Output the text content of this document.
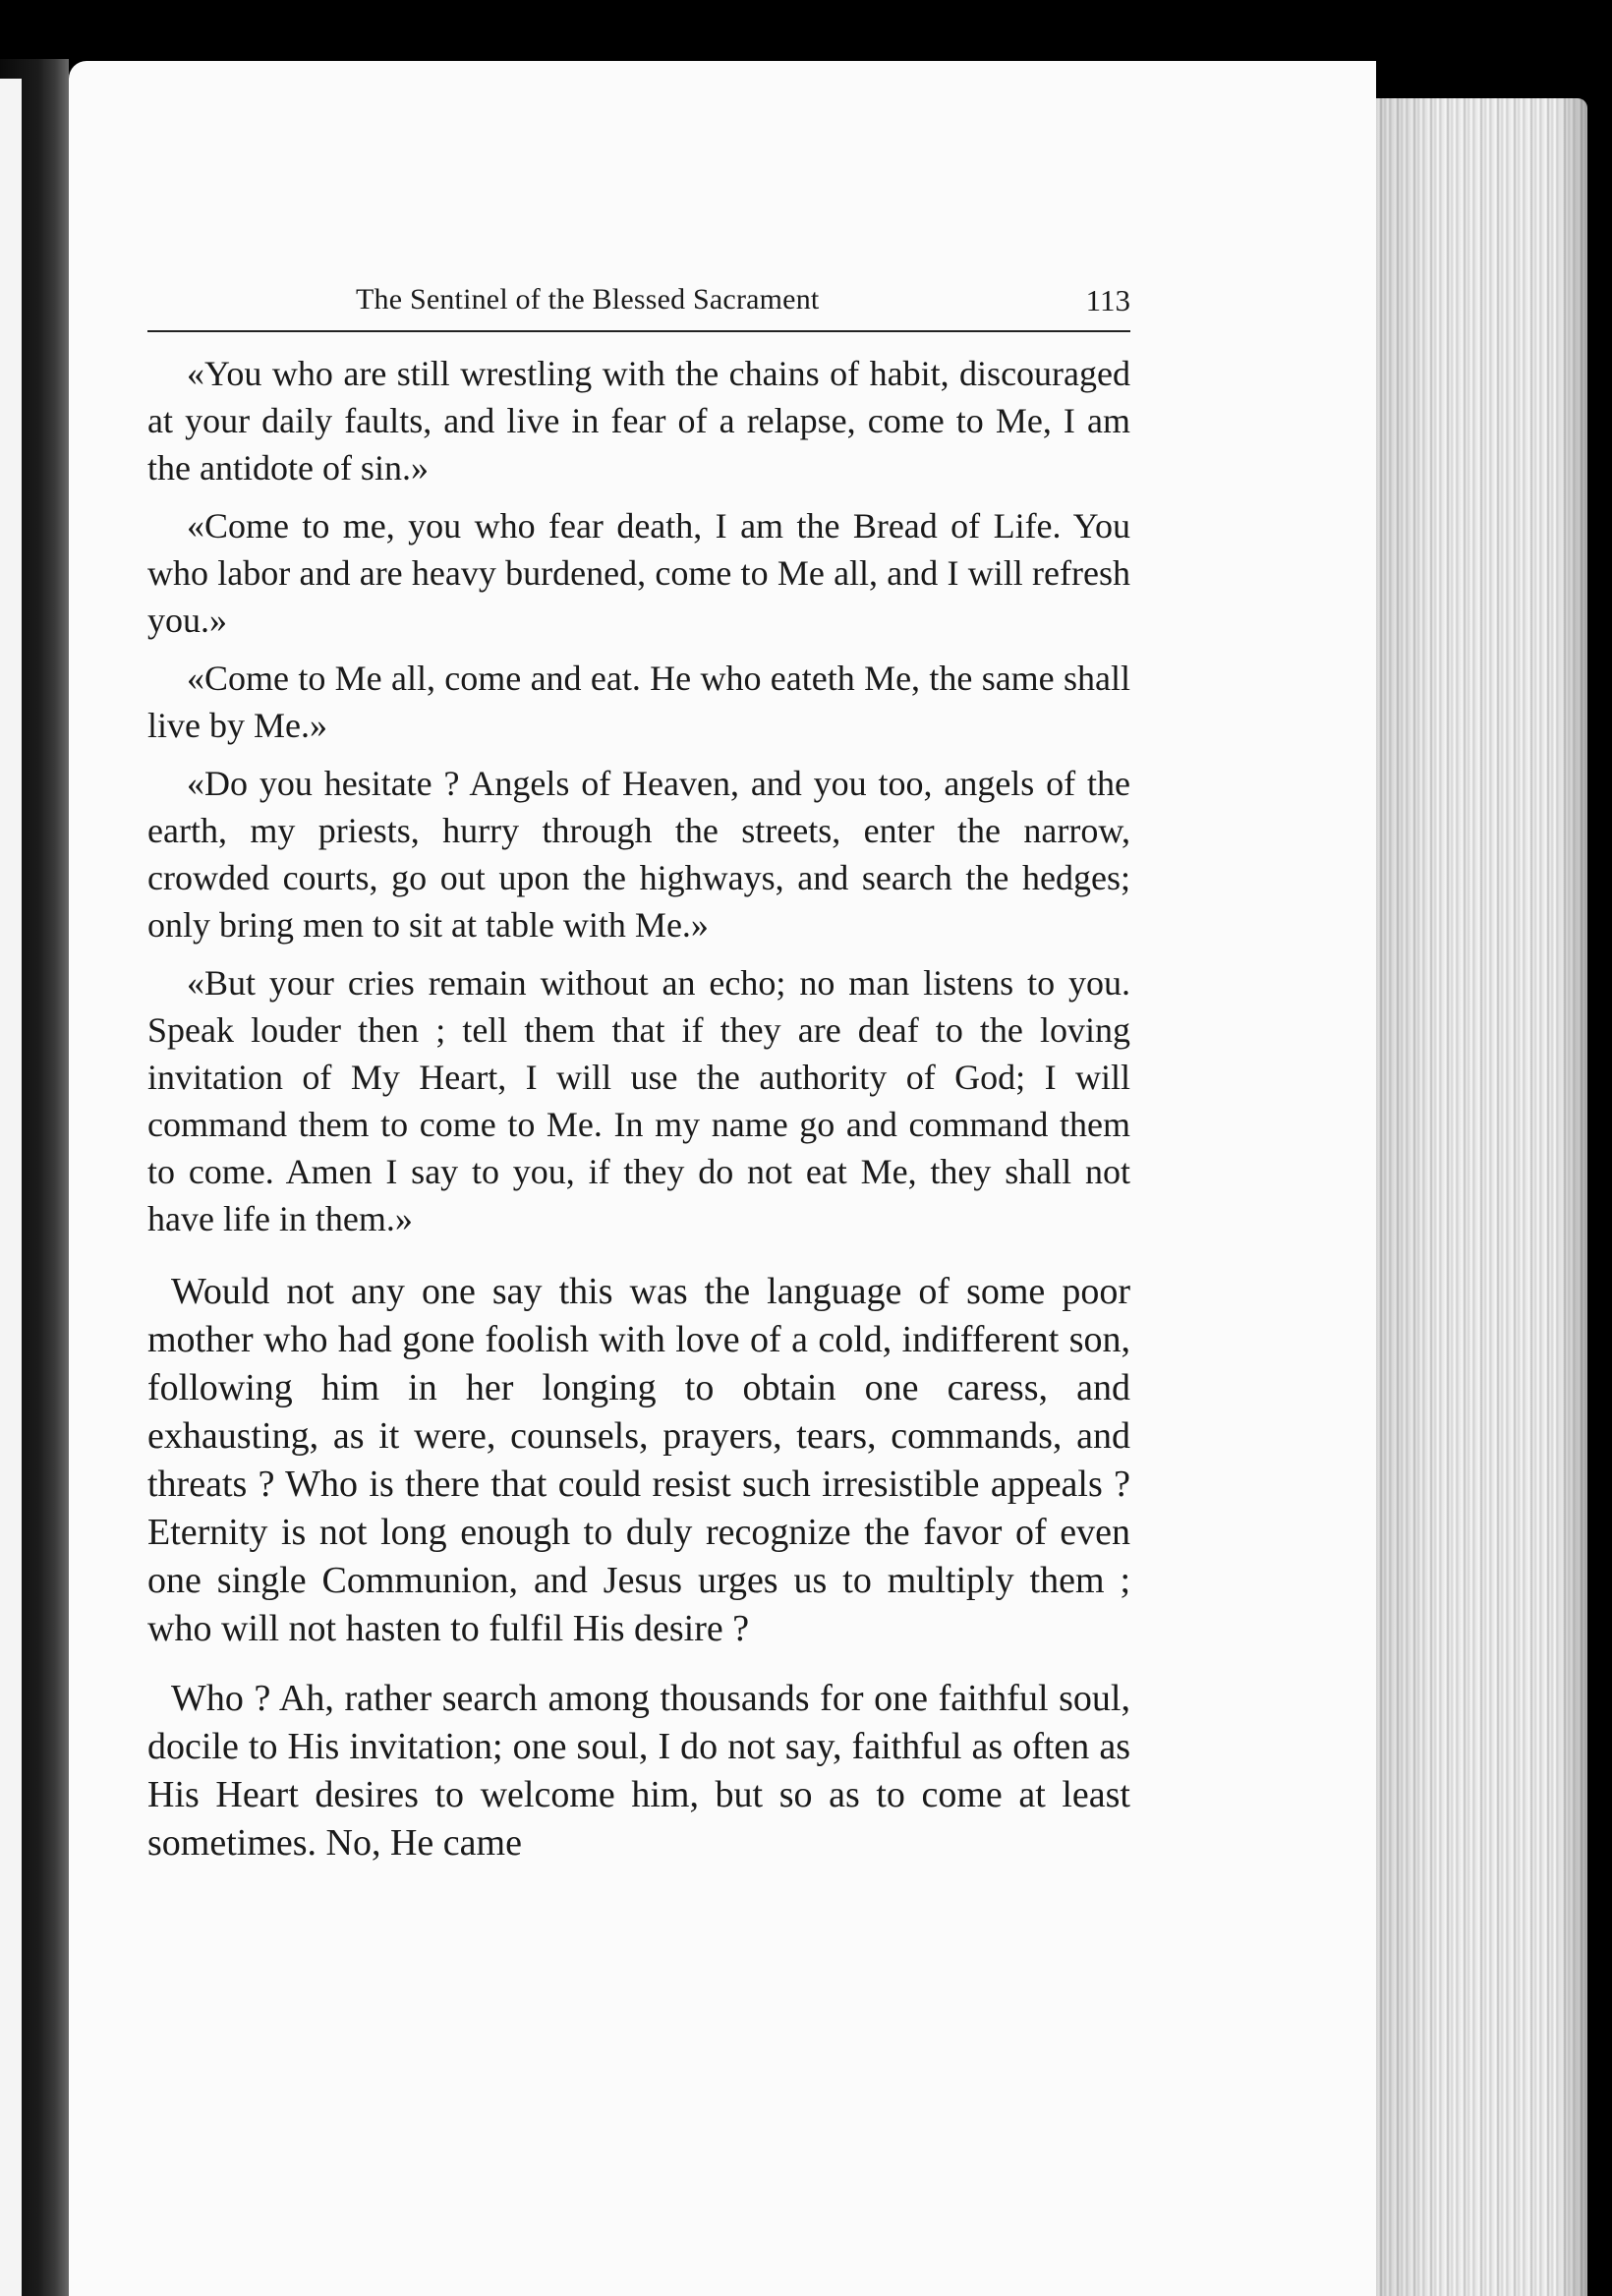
The Sentinel of the Blessed Sacrament	113

«You who are still wrestling with the chains of habit, discouraged at your daily faults, and live in fear of a relapse, come to Me, I am the antidote of sin.»

«Come to me, you who fear death, I am the Bread of Life. You who labor and are heavy burdened, come to Me all, and I will refresh you.»

«Come to Me all, come and eat. He who eateth Me, the same shall live by Me.»

«Do you hesitate ? Angels of Heaven, and you too, angels of the earth, my priests, hurry through the streets, enter the narrow, crowded courts, go out upon the highways, and search the hedges; only bring men to sit at table with Me.»

«But your cries remain without an echo; no man listens to you. Speak louder then ; tell them that if they are deaf to the loving invitation of My Heart, I will use the authority of God; I will command them to come to Me. In my name go and command them to come. Amen I say to you, if they do not eat Me, they shall not have life in them.»

Would not any one say this was the language of some poor mother who had gone foolish with love of a cold, indifferent son, following him in her longing to obtain one caress, and exhausting, as it were, counsels, prayers, tears, commands, and threats ? Who is there that could resist such irresistible appeals ? Eternity is not long enough to duly recognize the favor of even one single Communion, and Jesus urges us to multiply them ; who will not hasten to fulfil His desire ?

Who ? Ah, rather search among thousands for one faithful soul, docile to His invitation; one soul, I do not say, faithful as often as His Heart desires to welcome him, but so as to come at least sometimes. No, He came
